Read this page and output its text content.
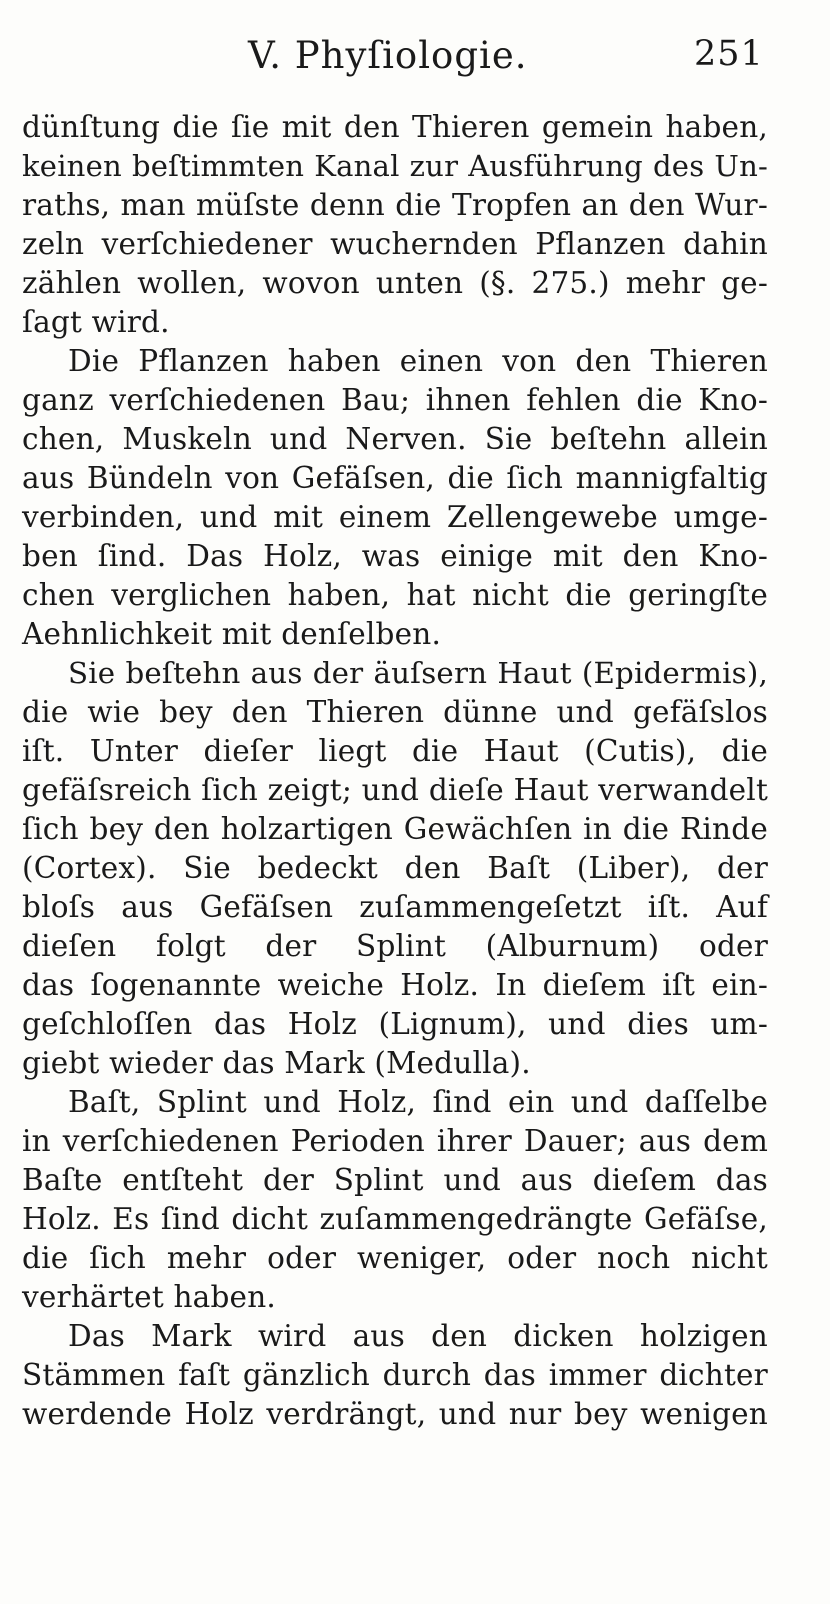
V. Phyſiologie.	251
dünſtung die ſie mit den Thieren gemein haben,
keinen beſtimmten Kanal zur Ausführung des Un-
raths, man müſste denn die Tropfen an den Wur-
zeln verſchiedener wuchernden Pflanzen dahin
zählen wollen, wovon unten (§. 275.) mehr ge-
ſagt wird.
Die Pflanzen haben einen von den Thieren
ganz verſchiedenen Bau; ihnen fehlen die Kno-
chen, Muskeln und Nerven. Sie beſtehn allein
aus Bündeln von Gefäſsen, die ſich mannigfaltig
verbinden, und mit einem Zellengewebe umge-
ben ſind. Das Holz, was einige mit den Kno-
chen verglichen haben, hat nicht die geringſte
Aehnlichkeit mit denſelben.
Sie beſtehn aus der äuſsern Haut (Epidermis),
die wie bey den Thieren dünne und gefäſslos
iſt. Unter dieſer liegt die Haut (Cutis), die
gefäſsreich ſich zeigt; und dieſe Haut verwandelt
ſich bey den holzartigen Gewächſen in die Rinde
(Cortex). Sie bedeckt den Baſt (Liber), der
bloſs aus Gefäſsen zuſammengeſetzt iſt. Auf
dieſen folgt der Splint (Alburnum) oder
das ſogenannte weiche Holz. In dieſem iſt ein-
geſchloſſen das Holz (Lignum), und dies um-
giebt wieder das Mark (Medulla).
Baſt, Splint und Holz, ſind ein und daſſelbe
in verſchiedenen Perioden ihrer Dauer; aus dem
Baſte entſteht der Splint und aus dieſem das
Holz. Es ſind dicht zuſammengedrängte Gefäſse,
die ſich mehr oder weniger, oder noch nicht
verhärtet haben.
Das Mark wird aus den dicken holzigen
Stämmen faſt gänzlich durch das immer dichter
werdende Holz verdrängt, und nur bey wenigen
